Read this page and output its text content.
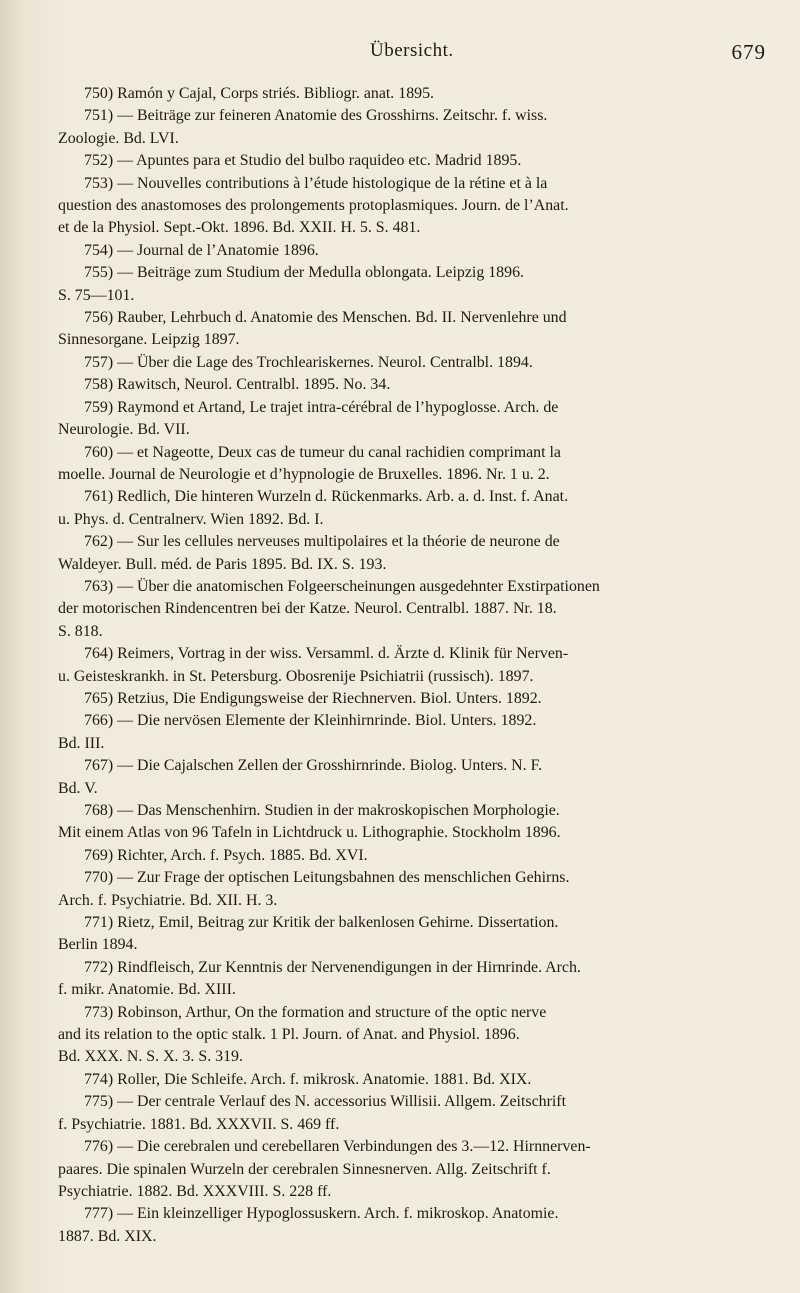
Übersicht.	679
750) Ramón y Cajal, Corps striés. Bibliogr. anat. 1895.
751) — Beiträge zur feineren Anatomie des Grosshirns. Zeitschr. f. wiss.
Zoologie. Bd. LVI.
752) — Apuntes para et Studio del bulbo raquideo etc. Madrid 1895.
753) — Nouvelles contributions à l’étude histologique de la rétine et à la
question des anastomoses des prolongements protoplasmiques. Journ. de l’Anat.
et de la Physiol. Sept.-Okt. 1896. Bd. XXII. H. 5. S. 481.
754) — Journal de l’Anatomie 1896.
755) — Beiträge zum Studium der Medulla oblongata. Leipzig 1896.
S. 75—101.
756) Rauber, Lehrbuch d. Anatomie des Menschen. Bd. II. Nervenlehre und
Sinnesorgane. Leipzig 1897.
757) — Über die Lage des Trochleariskernes. Neurol. Centralbl. 1894.
758) Rawitsch, Neurol. Centralbl. 1895. No. 34.
759) Raymond et Artand, Le trajet intra-cérébral de l’hypoglosse. Arch. de
Neurologie. Bd. VII.
760) — et Nageotte, Deux cas de tumeur du canal rachidien comprimant la
moelle. Journal de Neurologie et d’hypnologie de Bruxelles. 1896. Nr. 1 u. 2.
761) Redlich, Die hinteren Wurzeln d. Rückenmarks. Arb. a. d. Inst. f. Anat.
u. Phys. d. Centralnerv. Wien 1892. Bd. I.
762) — Sur les cellules nerveuses multipolaires et la théorie de neurone de
Waldeyer. Bull. méd. de Paris 1895. Bd. IX. S. 193.
763) — Über die anatomischen Folgeerscheinungen ausgedehnter Exstirpationen
der motorischen Rindencentren bei der Katze. Neurol. Centralbl. 1887. Nr. 18.
S. 818.
764) Reimers, Vortrag in der wiss. Versamml. d. Ärzte d. Klinik für Nerven-
u. Geisteskrankh. in St. Petersburg. Obosrenije Psichiatrii (russisch). 1897.
765) Retzius, Die Endigungsweise der Riechnerven. Biol. Unters. 1892.
766) — Die nervösen Elemente der Kleinhirnrinde. Biol. Unters. 1892.
Bd. III.
767) — Die Cajalschen Zellen der Grosshirnrinde. Biolog. Unters. N. F.
Bd. V.
768) — Das Menschenhirn. Studien in der makroskopischen Morphologie.
Mit einem Atlas von 96 Tafeln in Lichtdruck u. Lithographie. Stockholm 1896.
769) Richter, Arch. f. Psych. 1885. Bd. XVI.
770) — Zur Frage der optischen Leitungsbahnen des menschlichen Gehirns.
Arch. f. Psychiatrie. Bd. XII. H. 3.
771) Rietz, Emil, Beitrag zur Kritik der balkenlosen Gehirne. Dissertation.
Berlin 1894.
772) Rindfleisch, Zur Kenntnis der Nervenendigungen in der Hirnrinde. Arch.
f. mikr. Anatomie. Bd. XIII.
773) Robinson, Arthur, On the formation and structure of the optic nerve
and its relation to the optic stalk. 1 Pl. Journ. of Anat. and Physiol. 1896.
Bd. XXX. N. S. X. 3. S. 319.
774) Roller, Die Schleife. Arch. f. mikrosk. Anatomie. 1881. Bd. XIX.
775) — Der centrale Verlauf des N. accessorius Willisii. Allgem. Zeitschrift
f. Psychiatrie. 1881. Bd. XXXVII. S. 469 ff.
776) — Die cerebralen und cerebellaren Verbindungen des 3.—12. Hirnnerven-
paares. Die spinalen Wurzeln der cerebralen Sinnesnerven. Allg. Zeitschrift f.
Psychiatrie. 1882. Bd. XXXVIII. S. 228 ff.
777) — Ein kleinzelliger Hypoglossuskern. Arch. f. mikroskop. Anatomie.
1887. Bd. XIX.
